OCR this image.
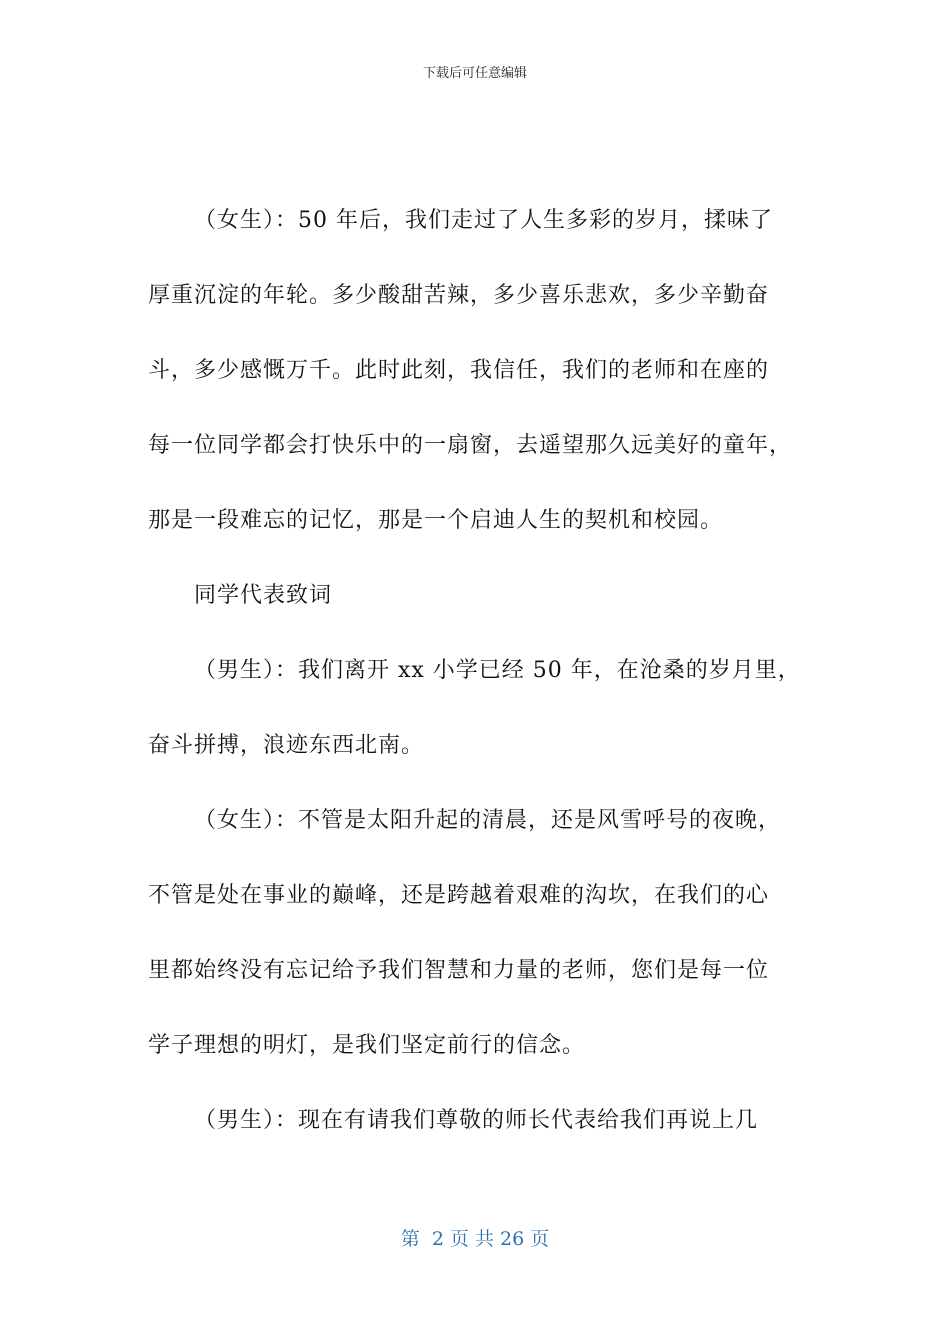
下载后可任意编辑
（女生）：50 年后，我们走过了人生多彩的岁月，揉味了
厚重沉淀的年轮。多少酸甜苦辣，多少喜乐悲欢，多少辛勤奋
斗，多少感慨万千。此时此刻，我信任，我们的老师和在座的
每一位同学都会打快乐中的一扇窗，去遥望那久远美好的童年，
那是一段难忘的记忆，那是一个启迪人生的契机和校园。
同学代表致词
（男生）：我们离开 xx 小学已经 50 年，在沧桑的岁月里，
奋斗拼搏，浪迹东西北南。
（女生）：不管是太阳升起的清晨，还是风雪呼号的夜晚，
不管是处在事业的巅峰，还是跨越着艰难的沟坎，在我们的心
里都始终没有忘记给予我们智慧和力量的老师，您们是每一位
学子理想的明灯，是我们坚定前行的信念。
（男生）：现在有请我们尊敬的师长代表给我们再说上几
第  2 页 共 26 页
